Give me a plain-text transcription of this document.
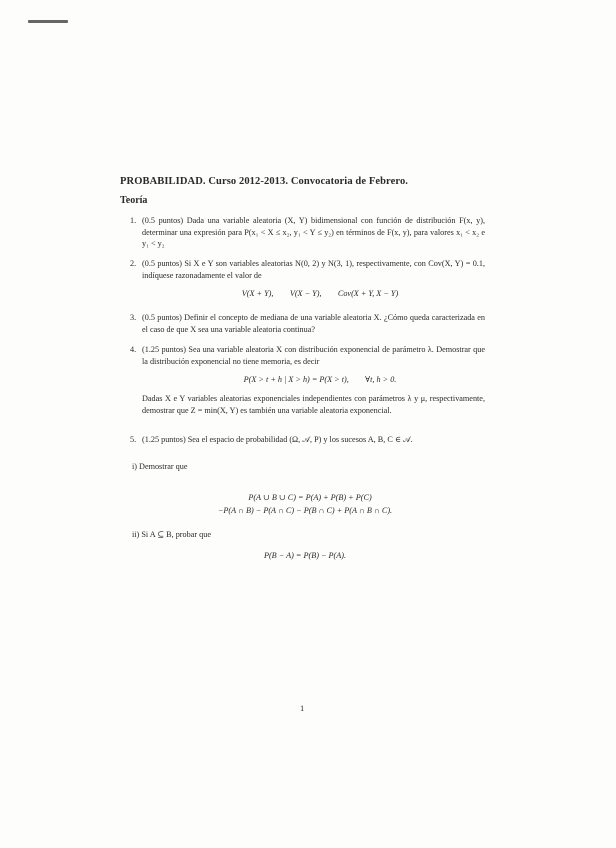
PROBABILIDAD. Curso 2012-2013. Convocatoria de Febrero.
Teoría
1. (0.5 puntos) Dada una variable aleatoria (X, Y) bidimensional con función de distribución F(x, y), determinar una expresión para P(x₁ < X ≤ x₂, y₁ < Y ≤ y₂) en términos de F(x, y), para valores x₁ < x₂ e y₁ < y₂
2. (0.5 puntos) Si X e Y son variables aleatorias N(0, 2) y N(3, 1), respectivamente, con Cov(X, Y) = 0.1, indíquese razonadamente el valor de
V(X + Y),        V(X − Y),        Cov(X + Y, X − Y)
3. (0.5 puntos) Definir el concepto de mediana de una variable aleatoria X. ¿Cómo queda caracterizada en el caso de que X sea una variable aleatoria continua?
4. (1.25 puntos) Sea una variable aleatoria X con distribución exponencial de parámetro λ. Demostrar que la distribución exponencial no tiene memoria, es decir
P(X > t + h | X > h) = P(X > t),        ∀t, h > 0.
Dadas X e Y variables aleatorias exponenciales independientes con parámetros λ y μ, respectivamente, demostrar que Z = min(X, Y) es también una variable aleatoria exponencial.
5. (1.25 puntos) Sea el espacio de probabilidad (Ω, 𝒜, P) y los sucesos A, B, C ∈ 𝒜.
i) Demostrar que
P(A ∪ B ∪ C) = P(A) + P(B) + P(C)
−P(A ∩ B) − P(A ∩ C) − P(B ∩ C) + P(A ∩ B ∩ C).
ii) Si A ⊆ B, probar que
P(B − A) = P(B) − P(A).
1
